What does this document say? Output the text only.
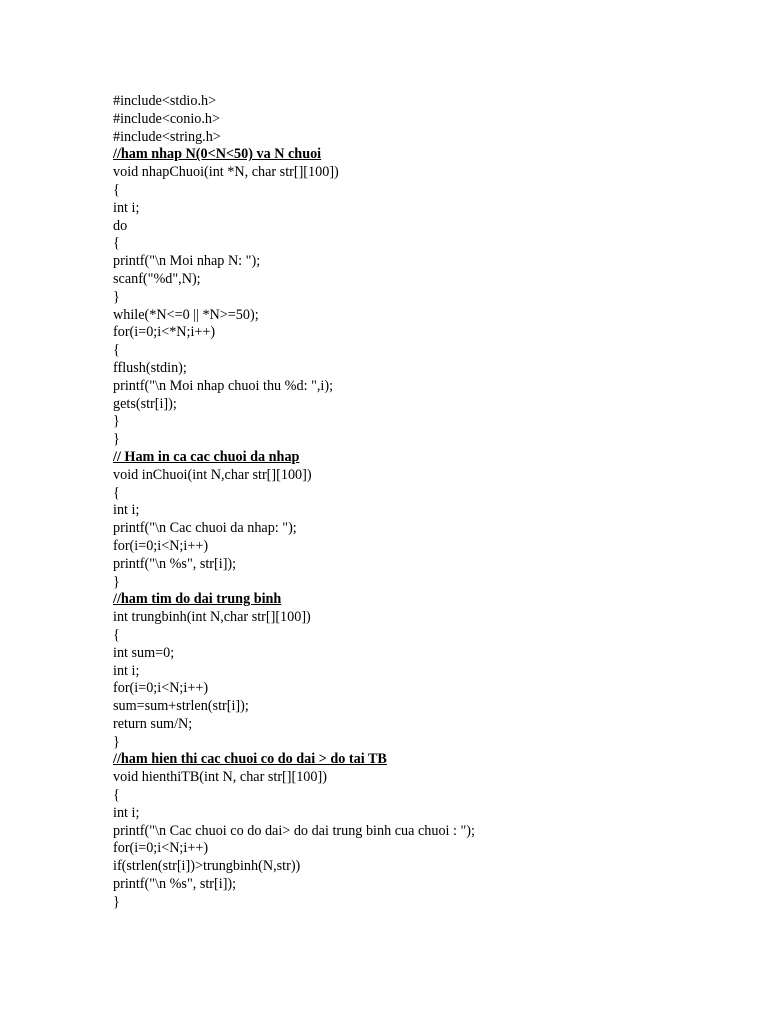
#include<stdio.h>
#include<conio.h>
#include<string.h>
//ham nhap N(0<N<50) va N chuoi
void nhapChuoi(int *N, char str[][100])
{
int i;
do
{
printf("\n Moi nhap N: ");
scanf("%d",N);
}
while(*N<=0 || *N>=50);
for(i=0;i<*N;i++)
{
fflush(stdin);
printf("\n Moi nhap chuoi thu %d: ",i);
gets(str[i]);
}
}
// Ham in ca cac chuoi da nhap
void inChuoi(int N,char str[][100])
{
int i;
printf("\n Cac chuoi da nhap: ");
for(i=0;i<N;i++)
printf("\n %s", str[i]);
}
//ham tim do dai trung binh
int trungbinh(int N,char str[][100])
{
int sum=0;
int i;
for(i=0;i<N;i++)
sum=sum+strlen(str[i]);
return sum/N;
}
//ham hien thi cac chuoi co do dai > do tai TB
void hienthiTB(int N, char str[][100])
{
int i;
printf("\n Cac chuoi co do dai> do dai trung binh cua chuoi : ");
for(i=0;i<N;i++)
if(strlen(str[i])>trungbinh(N,str))
printf("\n %s", str[i]);
}
